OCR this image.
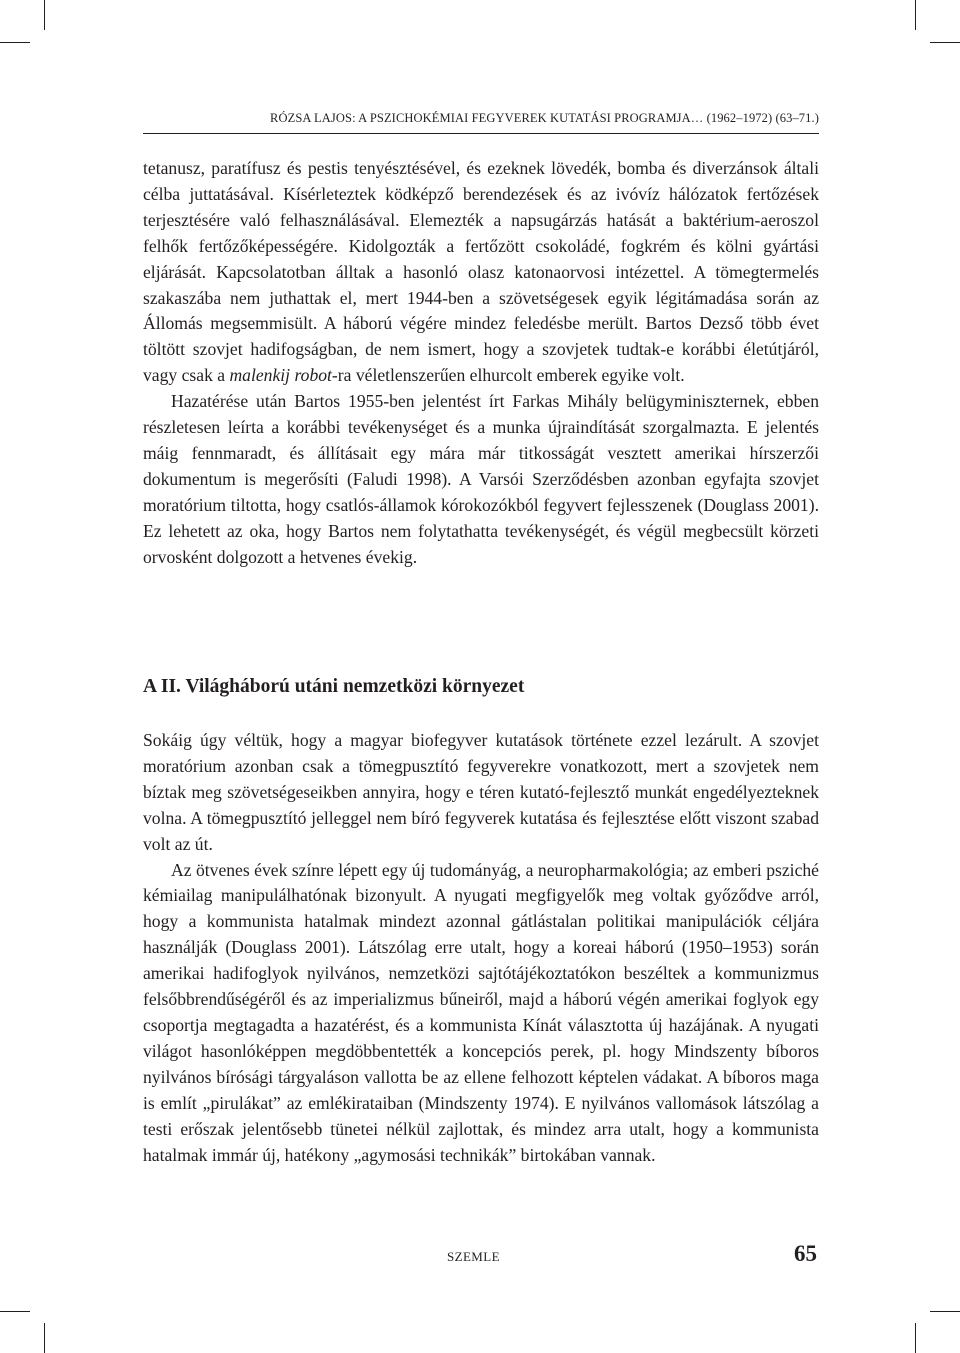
RÓZSA LAJOS: A PSZICHOKÉMIAI FEGYVEREK KUTATÁSI PROGRAMJA… (1962–1972) (63–71.)

tetanusz, paratífusz és pestis tenyésztésével, és ezeknek lövedék, bomba és diverzánsok általi célba juttatásával. Kísérleteztek ködképző berendezések és az ivóvíz hálózatok fertőzések terjesztésére való felhasználásával. Elemezték a napsugárzás hatását a baktérium-aeroszol felhők fertőzőképességére. Kidolgozták a fertőzött csokoládé, fogkrém és kölni gyártási eljárását. Kapcsolatotban álltak a hasonló olasz katonaorvosi intézettel. A tömegtermelés szakaszába nem juthattak el, mert 1944-ben a szövetségesek egyik légitámadása során az Állomás megsemmisült. A háború végére mindez feledésbe merült. Bartos Dezső több évet töltött szovjet hadifogságban, de nem ismert, hogy a szovjetek tudtak-e korábbi életútjáról, vagy csak a malenkij robot-ra véletlenszerűen elhurcolt emberek egyike volt.

Hazatérése után Bartos 1955-ben jelentést írt Farkas Mihály belügyminiszternek, ebben részletesen leírta a korábbi tevékenységet és a munka újraindítását szorgalmazta. E jelentés máig fennmaradt, és állításait egy mára már titkosságát vesztett amerikai hírszerzői dokumentum is megerősíti (Faludi 1998). A Varsói Szerződésben azonban egyfajta szovjet moratórium tiltotta, hogy csatlós-államok kórokozókból fegyvert fejlesszenek (Douglass 2001). Ez lehetett az oka, hogy Bartos nem folytathatta tevékenységét, és végül megbecsült körzeti orvosként dolgozott a hetvenes évekig.

A II. Világháború utáni nemzetközi környezet

Sokáig úgy véltük, hogy a magyar biofegyver kutatások története ezzel lezárult. A szovjet moratórium azonban csak a tömegpusztító fegyverekre vonatkozott, mert a szovjetek nem bíztak meg szövetségeseikben annyira, hogy e téren kutató-fejlesztő munkát engedélyezteknek volna. A tömegpusztító jelleggel nem bíró fegyverek kutatása és fejlesztése előtt viszont szabad volt az út.

Az ötvenes évek színre lépett egy új tudományág, a neuropharmakológia; az emberi psziché kémiailag manipulálhatónak bizonyult. A nyugati megfigyelők meg voltak győződve arról, hogy a kommunista hatalmak mindezt azonnal gátlástalan politikai manipulációk céljára használják (Douglass 2001). Látszólag erre utalt, hogy a koreai háború (1950–1953) során amerikai hadifoglyok nyilvános, nemzetközi sajtótájékoztatókon beszéltek a kommunizmus felsőbbrendűségéről és az imperializmus bűneiről, majd a háború végén amerikai foglyok egy csoportja megtagadta a hazatérést, és a kommunista Kínát választotta új hazájának. A nyugati világot hasonlóképpen megdöbbentették a koncepciós perek, pl. hogy Mindszenty bíboros nyilvános bírósági tárgyaláson vallotta be az ellene felhozott képtelen vádakat. A bíboros maga is említ „pirulákat” az emlékirataiban (Mindszenty 1974). E nyilvános vallomások látszólag a testi erőszak jelentősebb tünetei nélkül zajlottak, és mindez arra utalt, hogy a kommunista hatalmak immár új, hatékony „agymosási technikák” birtokában vannak.

SZEMLE	65
